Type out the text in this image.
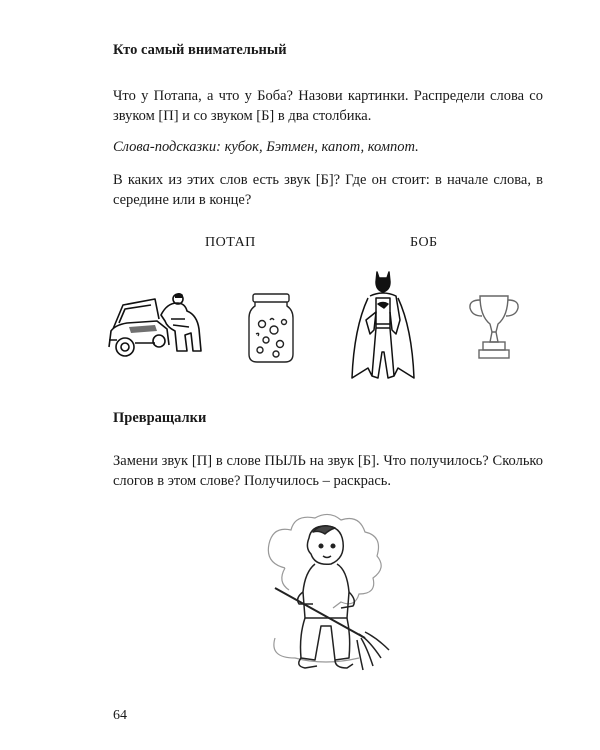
Кто самый внимательный

Что у Потапа, а что у Боба? Назови картинки. Распредели слова со звуком [П] и со звуком [Б] в два столбика.

Слова-подсказки: кубок, Бэтмен, капот, компот.

В каких из этих слов есть звук [Б]? Где он стоит: в начале слова, в середине или в конце?

ПОТАП	БОБ

Превращалки

Замени звук [П] в слове ПЫЛЬ на звук [Б]. Что получилось? Сколько слогов в этом слове? Получилось – раскрась.

64
